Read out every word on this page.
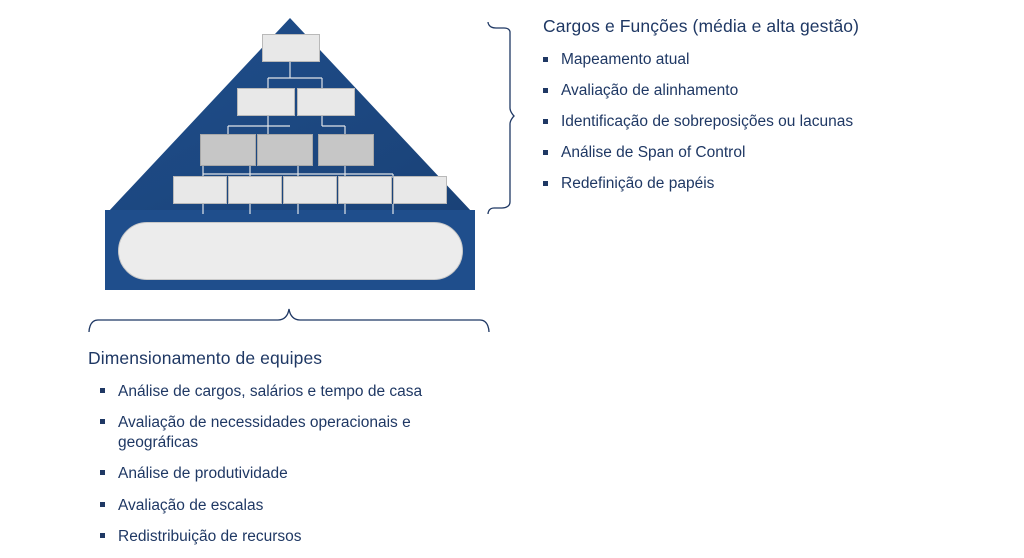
Cargos e Funções (média e alta gestão)
Mapeamento atual
Avaliação de alinhamento
Identificação de sobreposições ou lacunas
Análise de Span of Control
Redefinição de papéis
Dimensionamento de equipes
Análise de cargos, salários e tempo de casa
Avaliação de necessidades operacionais e geográficas
Análise de produtividade
Avaliação de escalas
Redistribuição de recursos
